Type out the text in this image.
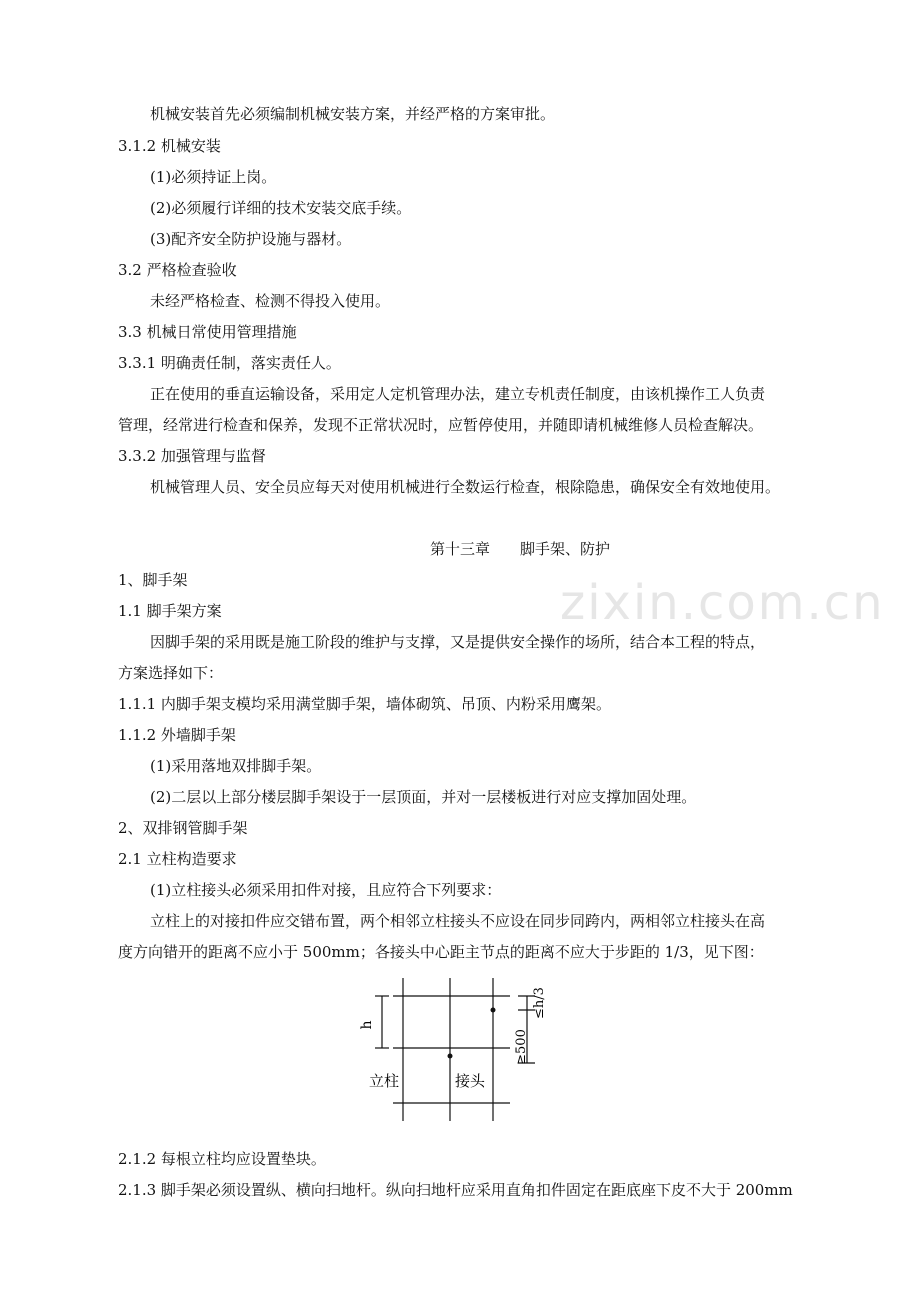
zixin.com.cn
机械安装首先必须编制机械安装方案，并经严格的方案审批。
3.1.2 机械安装
(1)必须持证上岗。
(2)必须履行详细的技术安装交底手续。
(3)配齐安全防护设施与器材。
3.2 严格检查验收
未经严格检查、检测不得投入使用。
3.3 机械日常使用管理措施
3.3.1 明确责任制，落实责任人。
正在使用的垂直运输设备，采用定人定机管理办法，建立专机责任制度，由该机操作工人负责
管理，经常进行检查和保养，发现不正常状况时，应暂停使用，并随即请机械维修人员检查解决。
3.3.2 加强管理与监督
机械管理人员、安全员应每天对使用机械进行全数运行检查，根除隐患，确保安全有效地使用。
第十三章　　脚手架、防护
1、脚手架
1.1 脚手架方案
因脚手架的采用既是施工阶段的维护与支撑，又是提供安全操作的场所，结合本工程的特点，
方案选择如下：
1.1.1 内脚手架支模均采用满堂脚手架，墙体砌筑、吊顶、内粉采用鹰架。
1.1.2 外墙脚手架
(1)采用落地双排脚手架。
(2)二层以上部分楼层脚手架设于一层顶面，并对一层楼板进行对应支撑加固处理。
2、双排钢管脚手架
2.1 立柱构造要求
(1)立柱接头必须采用扣件对接，且应符合下列要求：
立柱上的对接扣件应交错布置，两个相邻立柱接头不应设在同步同跨内，两相邻立柱接头在高
度方向错开的距离不应小于 500mm；各接头中心距主节点的距离不应大于步距的 1/3，见下图：
h
立柱	接头
≥500
≤h/3
2.1.2 每根立柱均应设置垫块。
2.1.3 脚手架必须设置纵、横向扫地杆。纵向扫地杆应采用直角扣件固定在距底座下皮不大于 200mm
